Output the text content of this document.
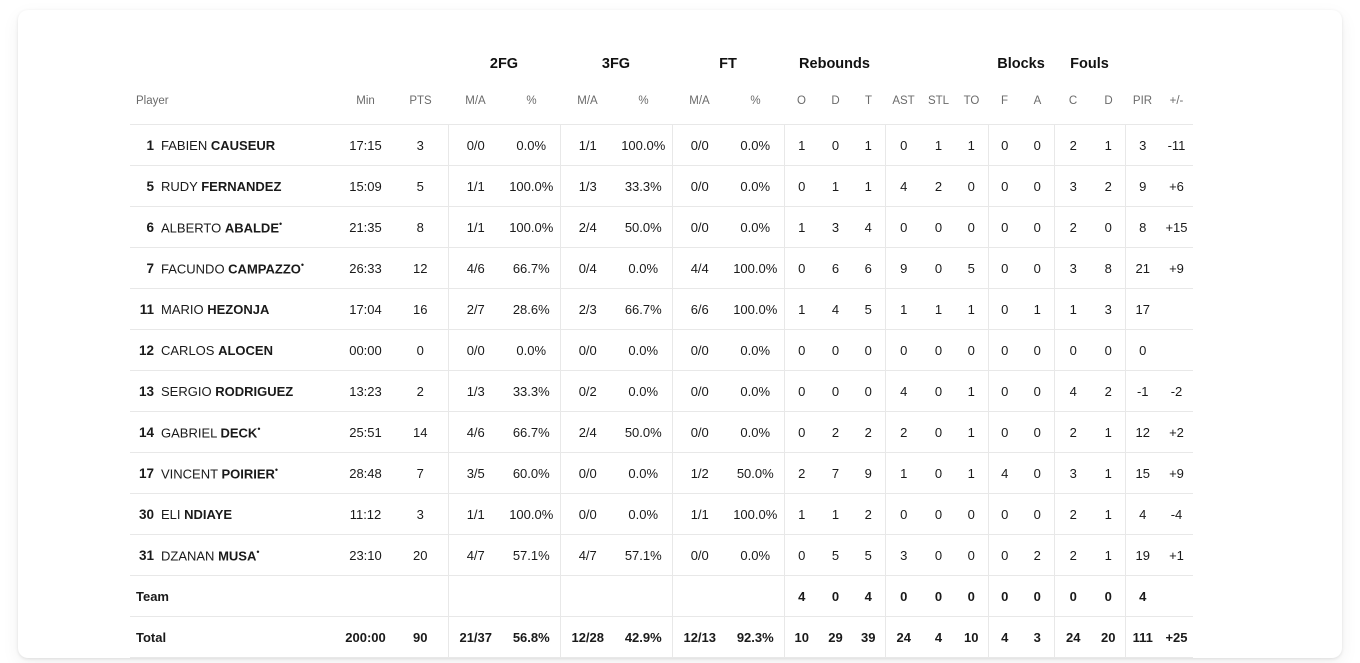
			2FG		3FG		FT		Rebounds						Blocks		Fouls			
Player	Min	PTS	M/A	%	M/A	%	M/A	%	O	D	T	AST	STL	TO	F	A	C	D	PIR	+/-
1 FABIEN CAUSEUR	17:15	3	0/0	0.0%	1/1	100.0%	0/0	0.0%	1	0	1	0	1	1	0	0	2	1	3	-11
5 RUDY FERNANDEZ	15:09	5	1/1	100.0%	1/3	33.3%	0/0	0.0%	0	1	1	4	2	0	0	0	3	2	9	+6
6 ALBERTO ABALDE•	21:35	8	1/1	100.0%	2/4	50.0%	0/0	0.0%	1	3	4	0	0	0	0	0	2	0	8	+15
7 FACUNDO CAMPAZZO•	26:33	12	4/6	66.7%	0/4	0.0%	4/4	100.0%	0	6	6	9	0	5	0	0	3	8	21	+9
11 MARIO HEZONJA	17:04	16	2/7	28.6%	2/3	66.7%	6/6	100.0%	1	4	5	1	1	1	0	1	1	3	17	
12 CARLOS ALOCEN	00:00	0	0/0	0.0%	0/0	0.0%	0/0	0.0%	0	0	0	0	0	0	0	0	0	0	0	
13 SERGIO RODRIGUEZ	13:23	2	1/3	33.3%	0/2	0.0%	0/0	0.0%	0	0	0	4	0	1	0	0	4	2	-1	-2
14 GABRIEL DECK•	25:51	14	4/6	66.7%	2/4	50.0%	0/0	0.0%	0	2	2	2	0	1	0	0	2	1	12	+2
17 VINCENT POIRIER•	28:48	7	3/5	60.0%	0/0	0.0%	1/2	50.0%	2	7	9	1	0	1	4	0	3	1	15	+9
30 ELI NDIAYE	11:12	3	1/1	100.0%	0/0	0.0%	1/1	100.0%	1	1	2	0	0	0	0	0	2	1	4	-4
31 DZANAN MUSA•	23:10	20	4/7	57.1%	4/7	57.1%	0/0	0.0%	0	5	5	3	0	0	0	2	2	1	19	+1
Team									4	0	4	0	0	0	0	0	0	0	4	
Total	200:00	90	21/37	56.8%	12/28	42.9%	12/13	92.3%	10	29	39	24	4	10	4	3	24	20	111	+25
